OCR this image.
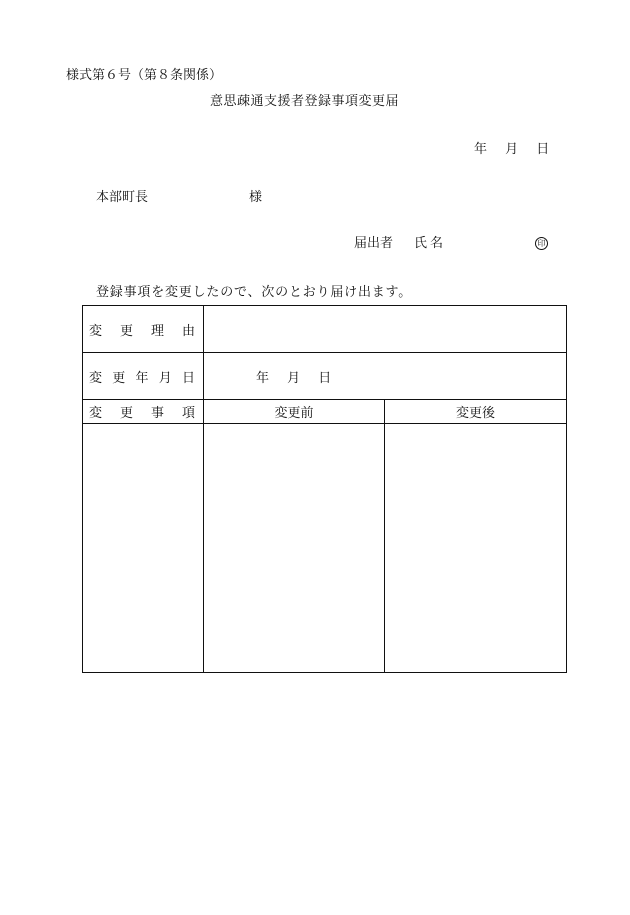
様式第６号（第８条関係）
意思疎通支援者登録事項変更届
年 月 日
本部町長	様
届出者 氏名	印
登録事項を変更したので、次のとおり届け出ます。
変 更 理 由		

変 更 年 月 日	年 月 日	

変 更 事 項	変更前	変更後
